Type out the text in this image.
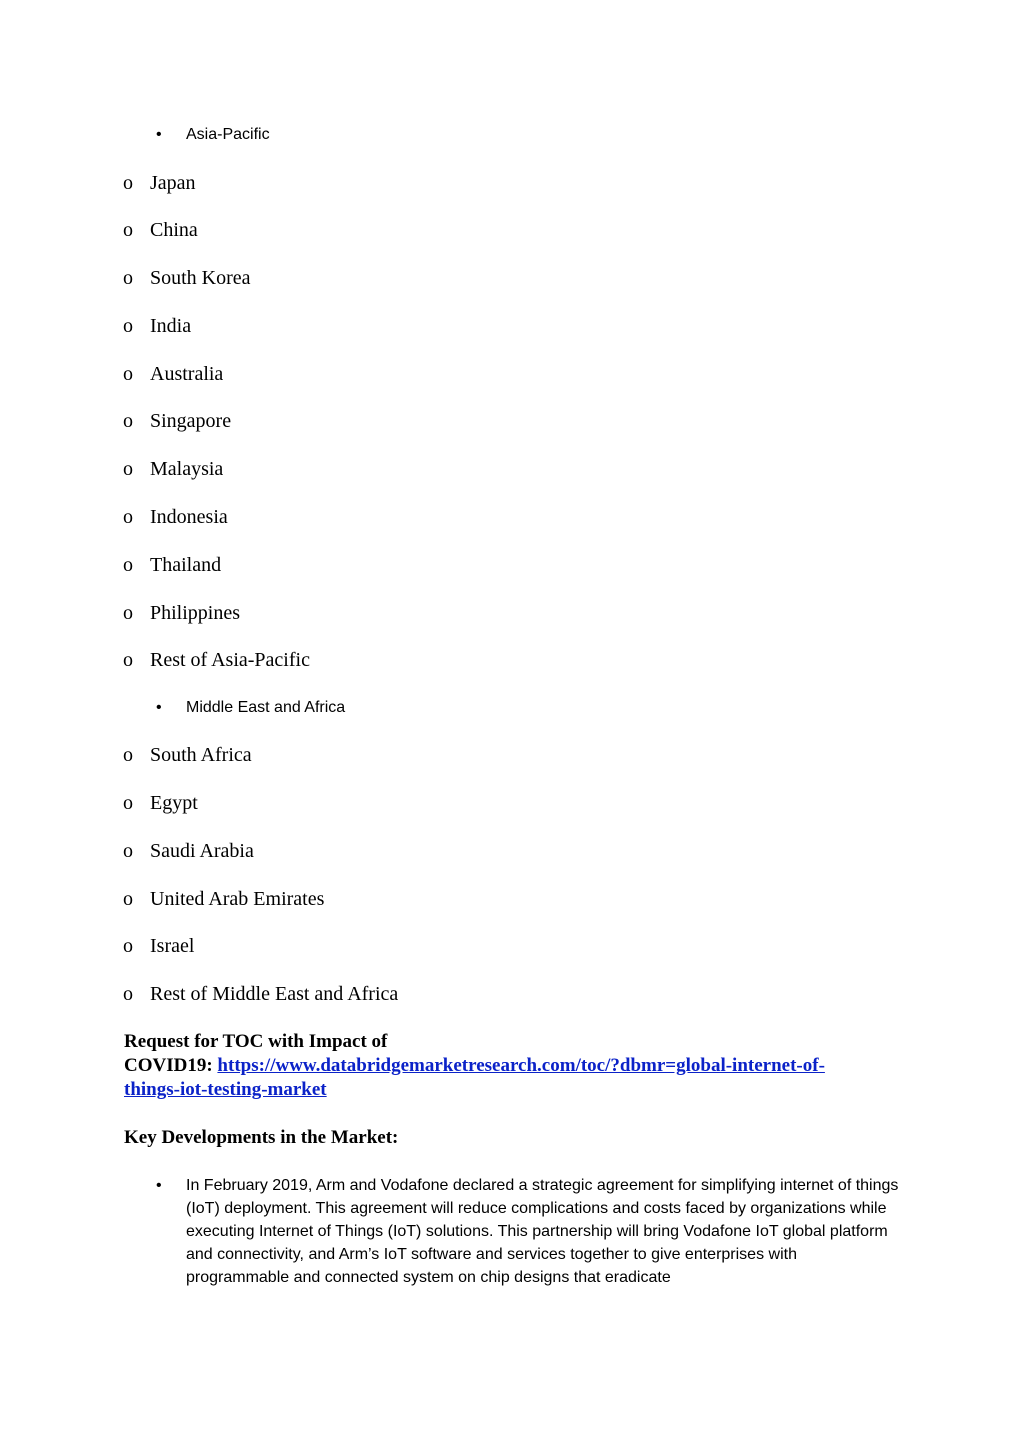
• Asia-Pacific
o Japan
o China
o South Korea
o India
o Australia
o Singapore
o Malaysia
o Indonesia
o Thailand
o Philippines
o Rest of Asia-Pacific
• Middle East and Africa
o South Africa
o Egypt
o Saudi Arabia
o United Arab Emirates
o Israel
o Rest of Middle East and Africa
Request for TOC with Impact of
COVID19: https://www.databridgemarketresearch.com/toc/?dbmr=global-internet-of-
things-iot-testing-market
Key Developments in the Market:
• In February 2019, Arm and Vodafone declared a strategic agreement for simplifying internet of things (IoT) deployment. This agreement will reduce complications and costs faced by organizations while executing Internet of Things (IoT) solutions. This partnership will bring Vodafone IoT global platform and connectivity, and Arm’s IoT software and services together to give enterprises with programmable and connected system on chip designs that eradicate
